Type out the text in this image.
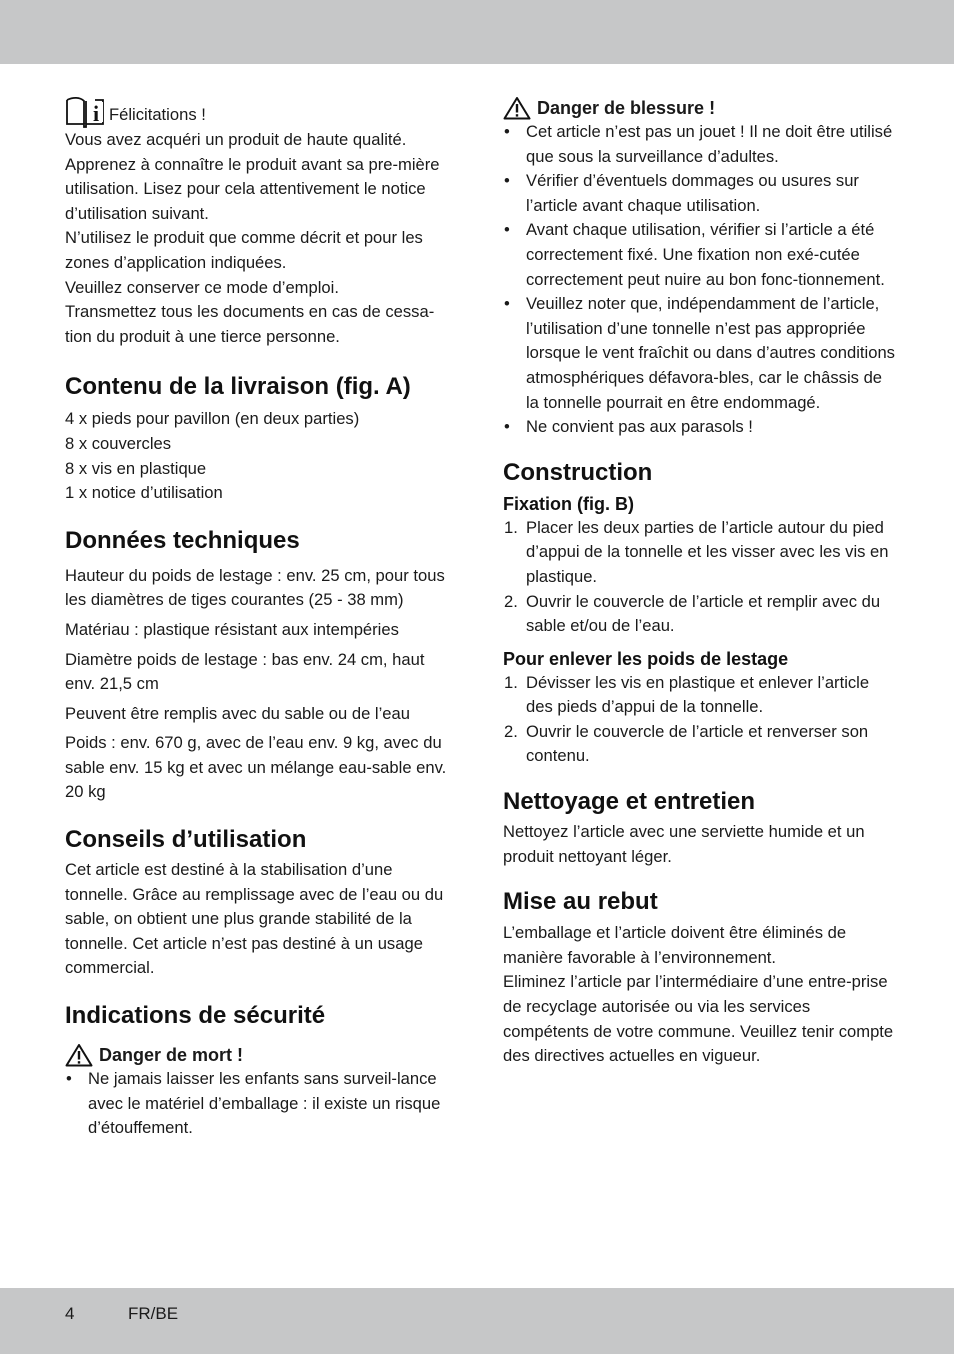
i Félicitations !

Vous avez acquéri un produit de haute qualité. Apprenez à connaître le produit avant sa pre-mière utilisation. Lisez pour cela attentivement le notice d’utilisation suivant.

N’utilisez le produit que comme décrit et pour les zones d’application indiquées.

Veuillez conserver ce mode d’emploi.

Transmettez tous les documents en cas de cessa-tion du produit à une tierce personne.

Contenu de la livraison (fig. A)

4 x pieds pour pavillon (en deux parties)

8 x couvercles

8 x vis en plastique

1 x notice d’utilisation

Données techniques

Hauteur du poids de lestage : env. 25 cm, pour tous les diamètres de tiges courantes (25 - 38 mm)

Matériau : plastique résistant aux intempéries

Diamètre poids de lestage : bas env. 24 cm, haut env. 21,5 cm

Peuvent être remplis avec du sable ou de l’eau

Poids : env. 670 g, avec de l’eau env. 9 kg, avec du sable env. 15 kg et avec un mélange eau-sable env. 20 kg

Conseils d’utilisation

Cet article est destiné à la stabilisation d’une tonnelle. Grâce au remplissage avec de l’eau ou du sable, on obtient une plus grande stabilité de la tonnelle. Cet article n’est pas destiné à un usage commercial.

Indications de sécurité
Danger de mort !
• Ne jamais laisser les enfants sans surveil-lance avec le matériel d’emballage : il existe un risque d’étouffement.
Danger de blessure !
• Cet article n’est pas un jouet ! Il ne doit être utilisé que sous la surveillance d’adultes.
• Vérifier d’éventuels dommages ou usures sur l’article avant chaque utilisation.
• Avant chaque utilisation, vérifier si l’article a été correctement fixé. Une fixation non exé-cutée correctement peut nuire au bon fonc-tionnement.
• Veuillez noter que, indépendamment de l’article, l’utilisation d’une tonnelle n’est pas appropriée lorsque le vent fraîchit ou dans d’autres conditions atmosphériques défavora-bles, car le châssis de la tonnelle pourrait en être endommagé.
• Ne convient pas aux parasols !
Construction
Fixation (fig. B)
1. Placer les deux parties de l’article autour du pied d’appui de la tonnelle et les visser avec les vis en plastique.
2. Ouvrir le couvercle de l’article et remplir avec du sable et/ou de l’eau.
Pour enlever les poids de lestage
1. Dévisser les vis en plastique et enlever l’article des pieds d’appui de la tonnelle.
2. Ouvrir le couvercle de l’article et renverser son contenu.
Nettoyage et entretien

Nettoyez l’article avec une serviette humide et un produit nettoyant léger.

Mise au rebut

L’emballage et l’article doivent être éliminés de manière favorable à l’environnement.

Eliminez l’article par l’intermédiaire d’une entre-prise de recyclage autorisée ou via les services compétents de votre commune. Veuillez tenir compte des directives actuelles en vigueur.

4	FR/BE
